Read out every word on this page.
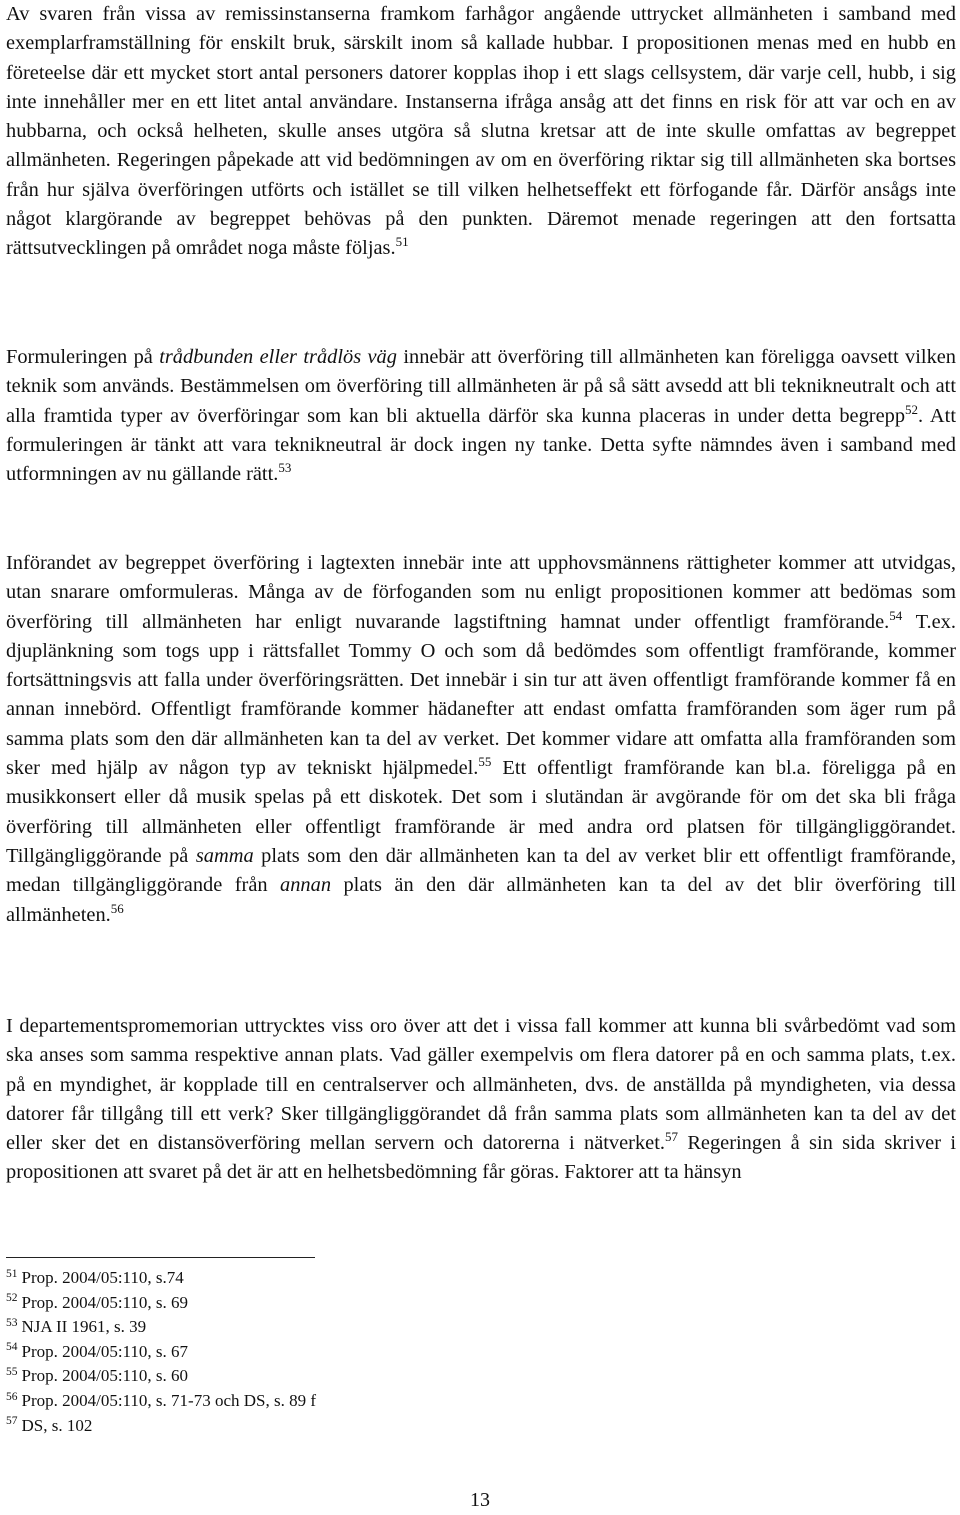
Av svaren från vissa av remissinstanserna framkom farhågor angående uttrycket allmänheten i samband med exemplarframställning för enskilt bruk, särskilt inom så kallade hubbar. I propositionen menas med en hubb en företeelse där ett mycket stort antal personers datorer kopplas ihop i ett slags cellsystem, där varje cell, hubb, i sig inte innehåller mer en ett litet antal användare. Instanserna ifråga ansåg att det finns en risk för att var och en av hubbarna, och också helheten, skulle anses utgöra så slutna kretsar att de inte skulle omfattas av begreppet allmänheten. Regeringen påpekade att vid bedömningen av om en överföring riktar sig till allmänheten ska bortses från hur själva överföringen utförts och istället se till vilken helhetseffekt ett förfogande får. Därför ansågs inte något klargörande av begreppet behövas på den punkten. Däremot menade regeringen att den fortsatta rättsutvecklingen på området noga måste följas.$^{51}$

Formuleringen på trådbunden eller trådlös väg innebär att överföring till allmänheten kan föreligga oavsett vilken teknik som används. Bestämmelsen om överföring till allmänheten är på så sätt avsedd att bli teknikneutralt och att alla framtida typer av överföringar som kan bli aktuella därför ska kunna placeras in under detta begrepp$^{52}$. Att formuleringen är tänkt att vara teknikneutral är dock ingen ny tanke. Detta syfte nämndes även i samband med utformningen av nu gällande rätt.$^{53}$

Införandet av begreppet överföring i lagtexten innebär inte att upphovsmännens rättigheter kommer att utvidgas, utan snarare omformuleras. Många av de förfoganden som nu enligt propositionen kommer att bedömas som överföring till allmänheten har enligt nuvarande lagstiftning hamnat under offentligt framförande.$^{54}$ T.ex. djuplänkning som togs upp i rättsfallet Tommy O och som då bedömdes som offentligt framförande, kommer fortsättningsvis att falla under överföringsrätten. Det innebär i sin tur att även offentligt framförande kommer få en annan innebörd. Offentligt framförande kommer hädanefter att endast omfatta framföranden som äger rum på samma plats som den där allmänheten kan ta del av verket. Det kommer vidare att omfatta alla framföranden som sker med hjälp av någon typ av tekniskt hjälpmedel.$^{55}$ Ett offentligt framförande kan bl.a. föreligga på en musikkonsert eller då musik spelas på ett diskotek. Det som i slutändan är avgörande för om det ska bli fråga överföring till allmänheten eller offentligt framförande är med andra ord platsen för tillgängliggörandet. Tillgängliggörande på samma plats som den där allmänheten kan ta del av verket blir ett offentligt framförande, medan tillgängliggörande från annan plats än den där allmänheten kan ta del av det blir överföring till allmänheten.$^{56}$

I departementspromemorian uttrycktes viss oro över att det i vissa fall kommer att kunna bli svårbedömt vad som ska anses som samma respektive annan plats. Vad gäller exempelvis om flera datorer på en och samma plats, t.ex. på en myndighet, är kopplade till en centralserver och allmänheten, dvs. de anställda på myndigheten, via dessa datorer får tillgång till ett verk? Sker tillgängliggörandet då från samma plats som allmänheten kan ta del av det eller sker det en distansöverföring mellan servern och datorerna i nätverket.$^{57}$ Regeringen å sin sida skriver i propositionen att svaret på det är att en helhetsbedömning får göras. Faktorer att ta hänsyn

$^{51}$ Prop. 2004/05:110, s.74
$^{52}$ Prop. 2004/05:110, s. 69
$^{53}$ NJA II 1961, s. 39
$^{54}$ Prop. 2004/05:110, s. 67
$^{55}$ Prop. 2004/05:110, s. 60
$^{56}$ Prop. 2004/05:110, s. 71-73 och DS, s. 89 f
$^{57}$ DS, s. 102
13
